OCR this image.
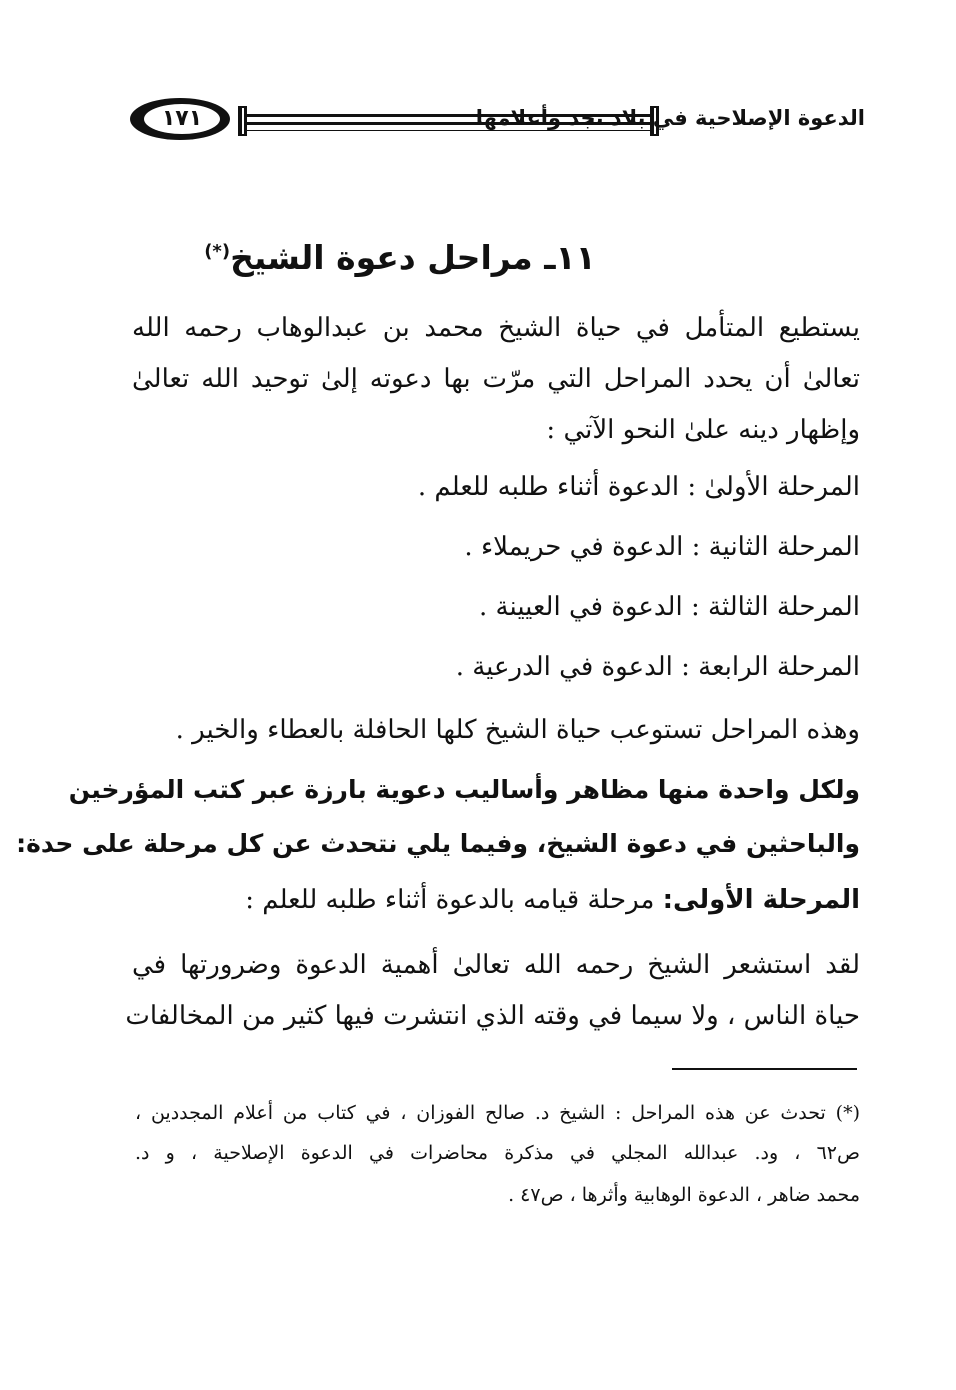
١٧١	الدعوة الإصلاحية في بلاد نجد وأعلامها
١١ـ مراحل دعوة الشيخ(*)
يستطيع المتأمل في حياة الشيخ محمد بن عبدالوهاب رحمه الله
تعالىٰ أن يحدد المراحل التي مرّت بها دعوته إلىٰ توحيد الله تعالىٰ
وإظهار دينه علىٰ النحو الآتي :
المرحلة الأولىٰ : الدعوة أثناء طلبه للعلم .
المرحلة الثانية : الدعوة في حريملاء .
المرحلة الثالثة : الدعوة في العيينة .
المرحلة الرابعة : الدعوة في الدرعية .
وهذه المراحل تستوعب حياة الشيخ كلها الحافلة بالعطاء والخير .
ولكل واحدة منها مظاهر وأساليب دعوية بارزة عبر كتب المؤرخين
والباحثين في دعوة الشيخ، وفيما يلي نتحدث عن كل مرحلة على حدة:
المرحلة الأولى: مرحلة قيامه بالدعوة أثناء طلبه للعلم :
لقد استشعر الشيخ رحمه الله تعالىٰ أهمية الدعوة وضرورتها في
حياة الناس ، ولا سيما في وقته الذي انتشرت فيها كثير من المخالفات
(*) تحدث عن هذه المراحل : الشيخ د. صالح الفوزان ، في كتاب من أعلام المجددين ،
ص٦٢ ، ود. عبدالله المجلي في مذكرة محاضرات في الدعوة الإصلاحية ، و د.
محمد ضاهر ، الدعوة الوهابية وأثرها ، ص٤٧ .
